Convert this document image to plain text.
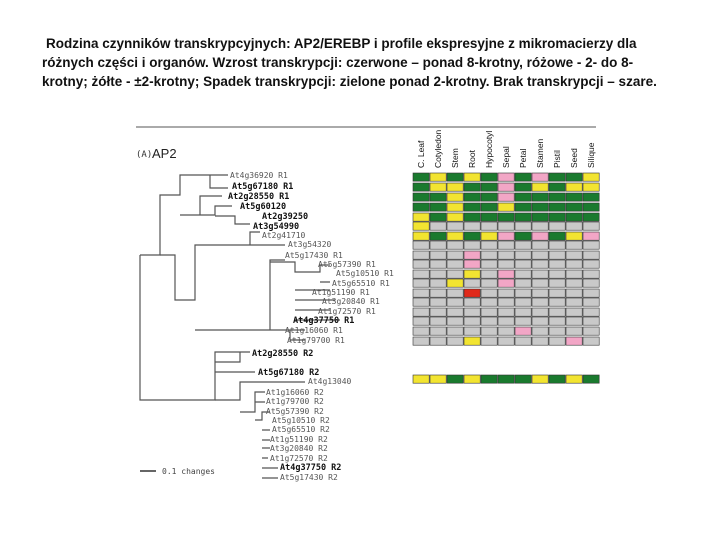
Rodzina czynników transkrypcyjnych: AP2/EREBP i profile ekspresyjne z mikromacierzy dla różnych części i organów. Wzrost transkrypcji: czerwone – ponad 8-krotny, różowe - 2- do 8-krotny; żółte - ±2-krotny; Spadek transkrypcji: zielone ponad 2-krotny. Brak transkrypcji – szare.

(A) AP2
At4g36920 R1
At5g67180 R1
At2g28550 R1
At5g60120
At2g39250
At3g54990
At2g41710
At3g54320
At5g17430 R1
At5g57390 R1
At5g10510 R1
At5g65510 R1
At1g51190 R1
At3g20840 R1
At1g72570 R1
At4g37750 R1
At1g16060 R1
At1g79700 R1
At2g28550 R2
At5g67180 R2
At4g13040
At1g16060 R2
At1g79700 R2
At5g57390 R2
At5g10510 R2
At5g65510 R2
At1g51190 R2
At3g20840 R2
At1g72570 R2
At4g37750 R2
At5g17430 R2
0.1 changes
C. Leaf Cotyledon Stem Root Hypocotyl Sepal Petal Stamen Pistil Seed Silique
